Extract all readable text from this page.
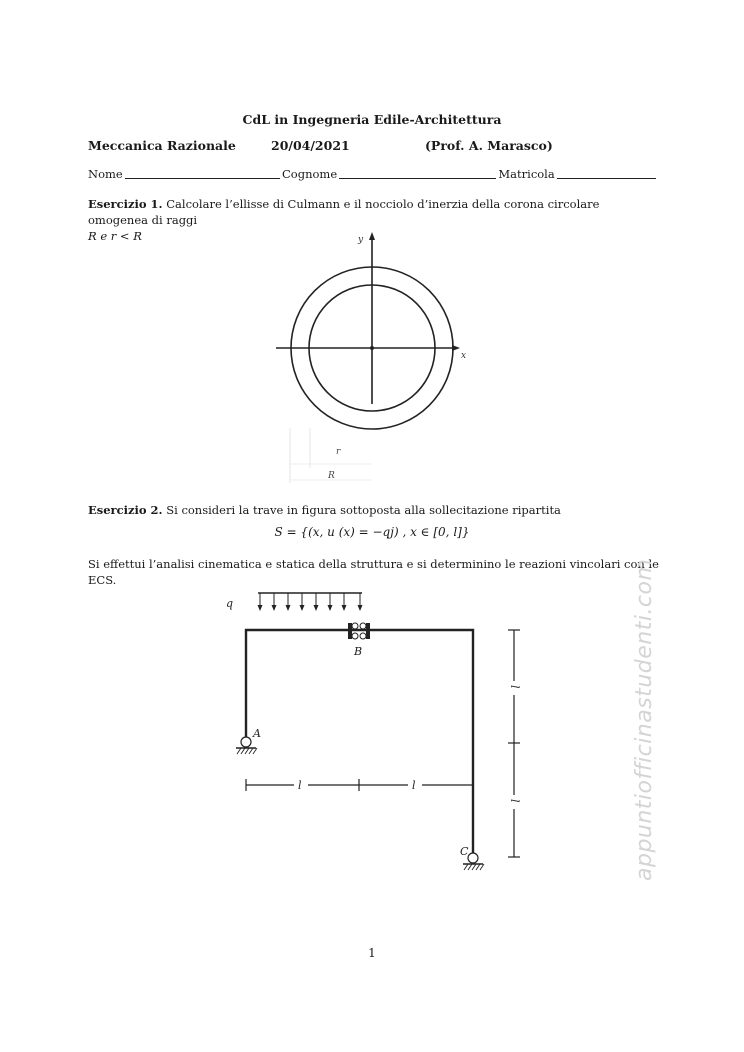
CdL in Ingegneria Edile-Architettura
Meccanica Razionale	20/04/2021	(Prof. A. Marasco)
Nome	Cognome	Matricola
Esercizio 1. Calcolare l’ellisse di Culmann e il nocciolo d’inerzia della corona circolare omogenea di raggi
R e r < R	y
x
r
R
Esercizio 2. Si consideri la trave in figura sottoposta alla sollecitazione ripartita
S = {(x, u (x) = −qj) , x ∈ [0, l]}
Si effettui l’analisi cinematica e statica della struttura e si determinino le reazioni vincolari con le ECS.
q
B
A
C
l	l
l
l	appuntiofficinastudenti.com
1
